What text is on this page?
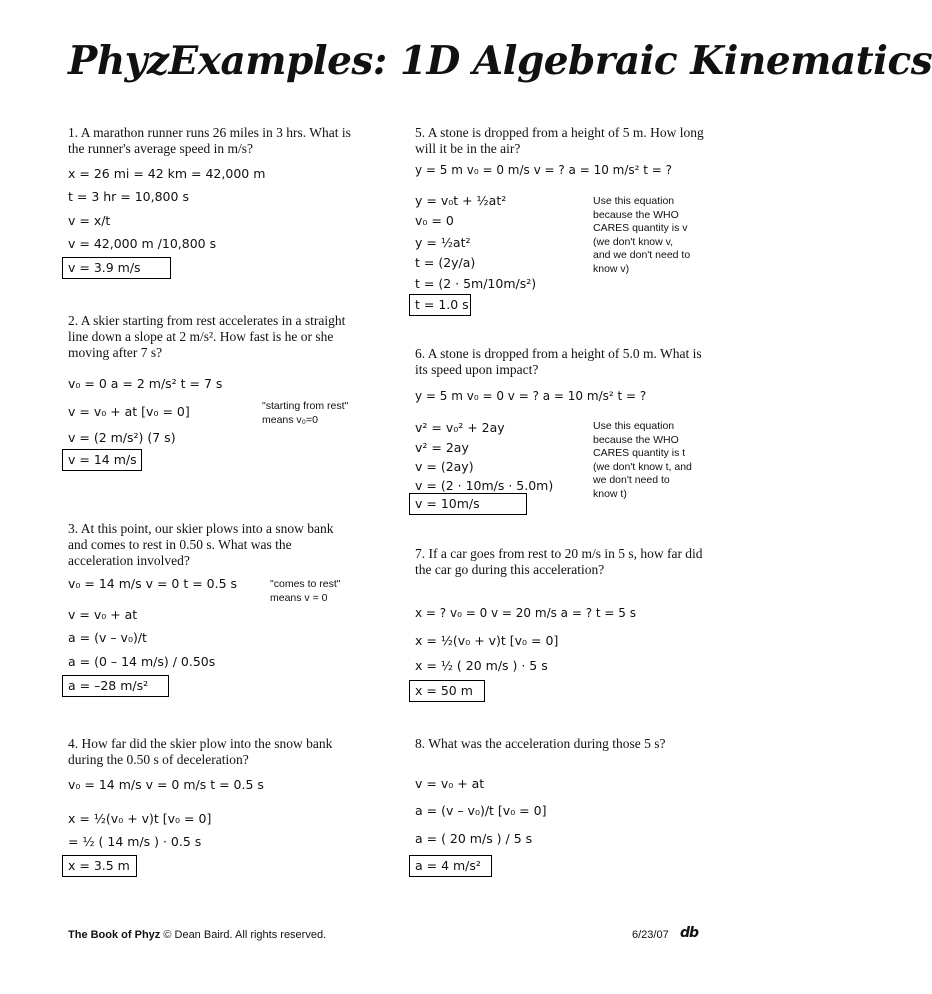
PhyzExamples: 1D Algebraic Kinematics
1. A marathon runner runs 26 miles in 3 hrs. What is the runner's average speed in m/s?
x = 26 mi = 42 km = 42,000 m
t = 3 hr = 10,800 s
v = x/t
v = 42,000 m /10,800 s
v = 3.9 m/s
2. A skier starting from rest accelerates in a straight line down a slope at 2 m/s². How fast is he or she moving after 7 s?
v₀ = 0 a = 2 m/s² t = 7 s
v = v₀ + at [v₀ = 0]
v = (2 m/s²) (7 s)
"starting from rest" means v₀=0
v = 14 m/s
3. At this point, our skier plows into a snow bank and comes to rest in 0.50 s. What was the acceleration involved?
v₀ = 14 m/s v = 0 t = 0.5 s
v = v₀ + at
a = (v – v₀)/t
a = (0 – 14 m/s) / 0.50s
"comes to rest" means v = 0
a = –28 m/s²
4. How far did the skier plow into the snow bank during the 0.50 s of deceleration?
v₀ = 14 m/s v = 0 m/s t = 0.5 s
x = ½(v₀ + v)t [v₀ = 0]
= ½ ( 14 m/s ) · 0.5 s
x = 3.5 m
5. A stone is dropped from a height of 5 m. How long will it be in the air?
y = 5 m v₀ = 0 m/s v = ? a = 10 m/s² t = ?
y = v₀t + ½at²
v₀ = 0
y = ½at²
t = (2y/a)
t = (2 · 5m/10m/s²)
Use this equation because the WHO CARES quantity is v (we don't know v, and we don't need to know v)
t = 1.0 s
6. A stone is dropped from a height of 5.0 m. What is its speed upon impact?
y = 5 m v₀ = 0 v = ? a = 10 m/s² t = ?
v² = v₀² + 2ay
v² = 2ay
v = (2ay)
v = (2 · 10m/s · 5.0m)
Use this equation because the WHO CARES quantity is t (we don't know t, and we don't need to know t)
v = 10m/s
7. If a car goes from rest to 20 m/s in 5 s, how far did the car go during this acceleration?
x = ? v₀ = 0 v = 20 m/s a = ? t = 5 s
x = ½(v₀ + v)t [v₀ = 0]
x = ½ ( 20 m/s ) · 5 s
x = 50 m
8. What was the acceleration during those 5 s?
v = v₀ + at
a = (v – v₀)/t [v₀ = 0]
a = ( 20 m/s ) / 5 s
a = 4 m/s²
The Book of Phyz © Dean Baird. All rights reserved.	6/23/07 db
